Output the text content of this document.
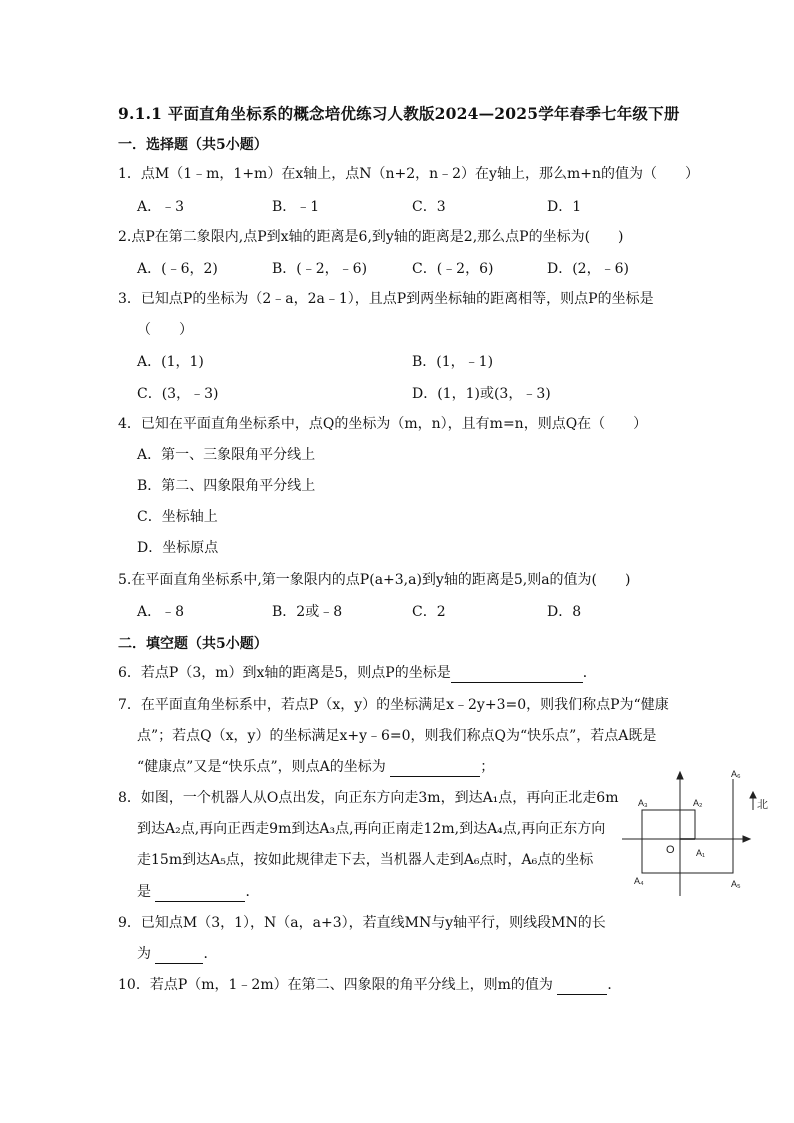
9.1.1 平面直角坐标系的概念培优练习人教版2024—2025学年春季七年级下册
一．选择题（共5小题）
1．点M（1﹣m，1+m）在x轴上，点N（n+2，n﹣2）在y轴上，那么m+n的值为（　　）
A．﹣3	B．﹣1	C．3	D．1
2.点P在第二象限内,点P到x轴的距离是6,到y轴的距离是2,那么点P的坐标为(　　)
A．(﹣6，2)	B．(﹣2，﹣6)	C．(﹣2，6)	D．(2，﹣6)
3．已知点P的坐标为（2﹣a，2a﹣1），且点P到两坐标轴的距离相等，则点P的坐标是
（　　）
A．(1，1)	B．(1，﹣1)
C．(3，﹣3)	D．(1，1)或(3，﹣3)
4．已知在平面直角坐标系中，点Q的坐标为（m，n），且有m=n，则点Q在（　　）
A．第一、三象限角平分线上
B．第二、四象限角平分线上
C．坐标轴上
D．坐标原点
5.在平面直角坐标系中,第一象限内的点P(a+3,a)到y轴的距离是5,则a的值为(　　)
A．﹣8	B．2或﹣8	C．2	D．8
二．填空题（共5小题）
6．若点P（3，m）到x轴的距离是5，则点P的坐标是	．
7．在平面直角坐标系中，若点P（x，y）的坐标满足x﹣2y+3=0，则我们称点P为“健康
点”；若点Q（x，y）的坐标满足x+y﹣6=0，则我们称点Q为“快乐点”，若点A既是
“健康点”又是“快乐点”，则点A的坐标为	；
8．如图，一个机器人从O点出发，向正东方向走3m，到达A₁点，再向正北走6m
到达A₂点,再向正西走9m到达A₃点,再向正南走12m,到达A₄点,再向正东方向
走15m到达A₅点，按如此规律走下去，当机器人走到A₆点时，A₆点的坐标
是	．
O A₁
A₂
A₃
A₄	A₅
A₆
北
9．已知点M（3，1），N（a，a+3），若直线MN与y轴平行，则线段MN的长
为	．
10．若点P（m，1﹣2m）在第二、四象限的角平分线上，则m的值为	．
